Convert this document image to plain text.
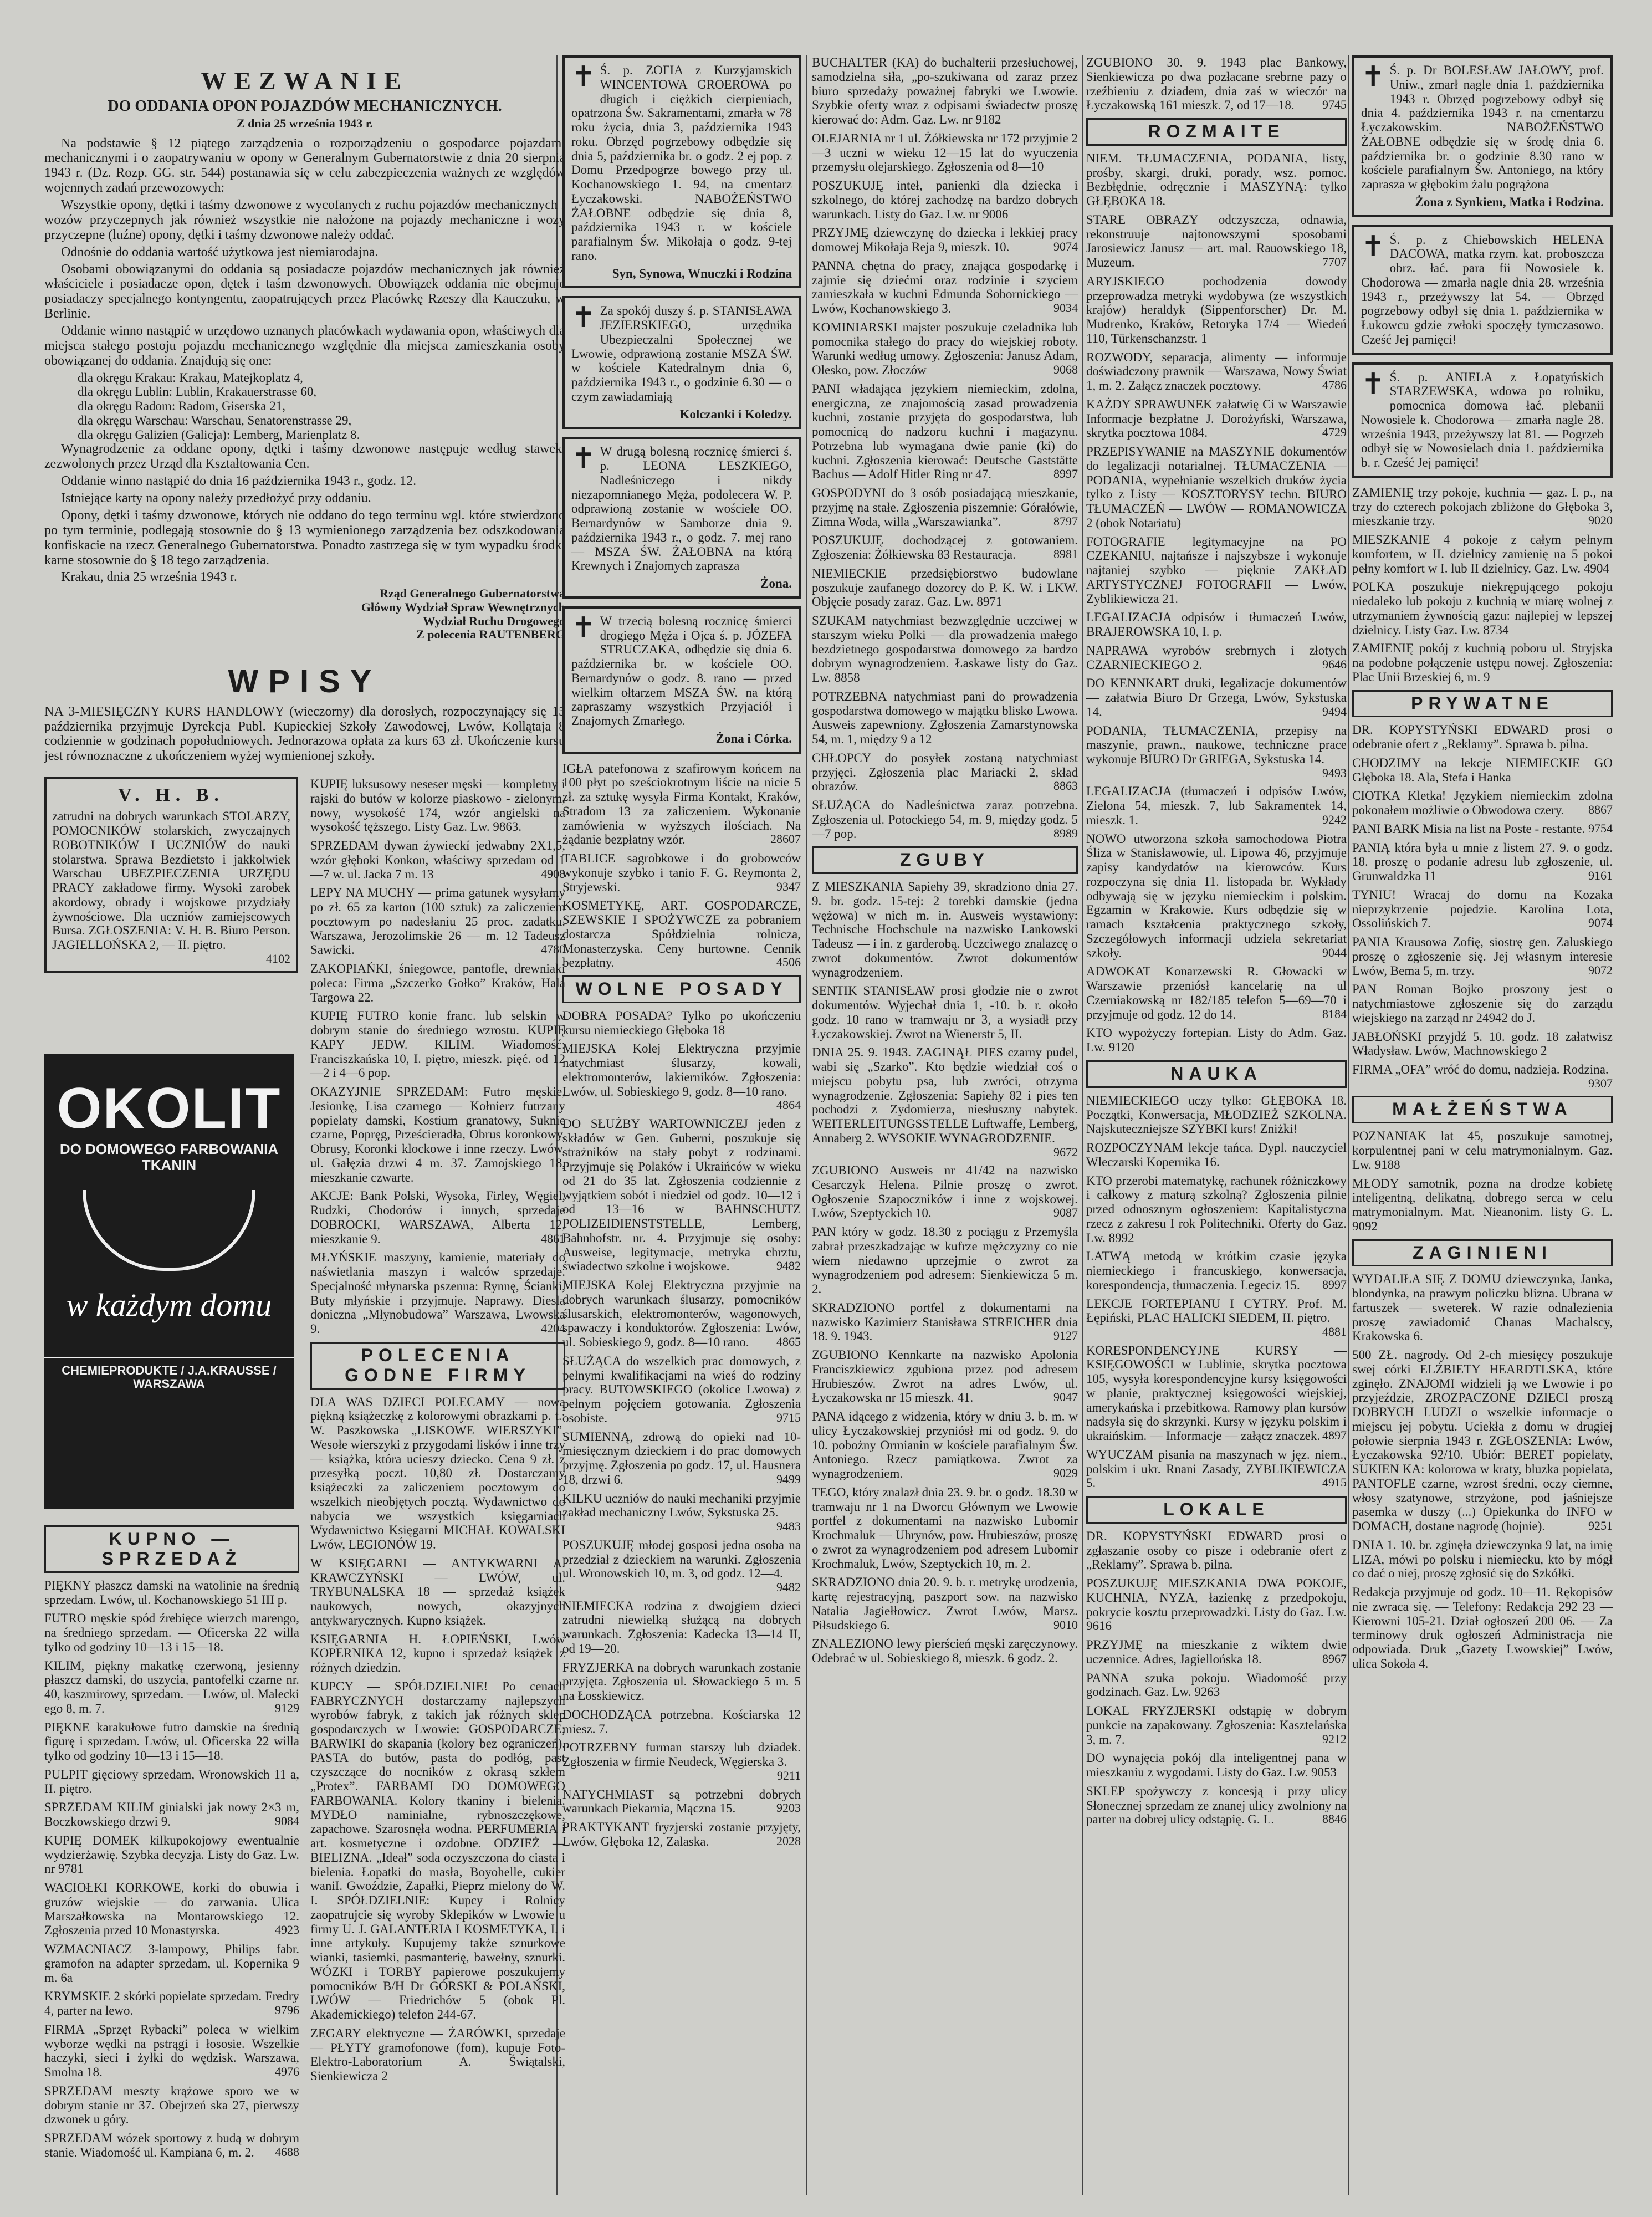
WEZWANIE

DO ODDANIA OPON POJAZDÓW MECHANICZNYCH.

Z dnia 25 września 1943 r.

Na podstawie § 12 piątego zarządzenia o rozporządzeniu o gospodarce pojazdami mechanicznymi i o zaopatrywaniu w opony w Generalnym Gubernatorstwie z dnia 20 sierpnia 1943 r. (Dz. Rozp. GG. str. 544) postanawia się w celu zabezpieczenia ważnych ze względów wojennych zadań przewozowych:

Wszystkie opony, dętki i taśmy dzwonowe z wycofanych z ruchu pojazdów mechanicznych i wozów przyczepnych jak również wszystkie nie nałożone na pojazdy mechaniczne i wozy przyczepne (luźne) opony, dętki i taśmy dzwonowe należy oddać.

Odnośnie do oddania wartość użytkowa jest niemiarodajna.

Osobami obowiązanymi do oddania są posiadacze pojazdów mechanicznych jak również właściciele i posiadacze opon, dętek i taśm dzwonowych. Obowiązek oddania nie obejmuje posiadaczy specjalnego kontyngentu, zaopatrujących przez Placówkę Rzeszy dla Kauczuku, w Berlinie.

Oddanie winno nastąpić w urzędowo uznanych placówkach wydawania opon, właściwych dla miejsca stałego postoju pojazdu mechanicznego względnie dla miejsca zamieszkania osoby obowiązanej do oddania. Znajdują się one:

dla okręgu Krakau: Krakau, Matejkoplatz 4,

dla okręgu Lublin: Lublin, Krakauerstrasse 60,

dla okręgu Radom: Radom, Giserska 21,

dla okręgu Warschau: Warschau, Senatorenstrasse 29,

dla okręgu Galizien (Galicja): Lemberg, Marienplatz 8.

Wynagrodzenie za oddane opony, dętki i taśmy dzwonowe następuje według stawek, zezwolonych przez Urząd dla Kształtowania Cen.

Oddanie winno nastąpić do dnia 16 października 1943 r., godz. 12.

Istniejące karty na opony należy przedłożyć przy oddaniu.

Opony, dętki i taśmy dzwonowe, których nie oddano do tego terminu wgl. które stwierdzono po tym terminie, podlegają stosownie do § 13 wymienionego zarządzenia bez odszkodowania konfiskacie na rzecz Generalnego Gubernatorstwa. Ponadto zastrzega się w tym wypadku środki karne stosownie do § 18 tego zarządzenia.

Krakau, dnia 25 września 1943 r.

Rząd Generalnego Gubernatorstwa

Główny Wydział Spraw Wewnętrznych

Wydział Ruchu Drogowego

Z polecenia RAUTENBERG

WPISY

NA 3-MIESIĘCZNY KURS HANDLOWY (wieczorny) dla dorosłych, rozpoczynający się 15 października przyjmuje Dyrekcja Publ. Kupieckiej Szkoły Zawodowej, Lwów, Kollątaja 8 codziennie w godzinach popołudniowych. Jednorazowa opłata za kurs 63 zł. Ukończenie kursu jest równoznaczne z ukończeniem wyżej wymienionej szkoły.

V. H. B.
zatrudni na dobrych warunkach STOLARZY, POMOCNIKÓW stolarskich, zwyczajnych ROBOTNIKÓW I UCZNIÓW do nauki stolarstwa. Sprawa Bezdietsto i jakkolwiek Warschau UBEZPIECZENIA URZĘDU PRACY zakładowe firmy. Wysoki zarobek akordowy, obrady i wojskowe przydziały żywnościowe. Dla uczniów zamiejscowych Bursa. ZGŁOSZENIA: V. H. B. Biuro Person. JAGIELLOŃSKA 2, — II. piętro.
4102
OKOLIT
DO DOMOWEGO FARBOWANIA TKANIN
w każdym domu
CHEMIEPRODUKTE / J.A.KRAUSSE / WARSZAWA
KUPNO — SPRZEDAŻ
PIĘKNY płaszcz damski na watolinie na średnią sprzedam. Lwów, ul. Kochanowskiego 51 III p.
FUTRO męskie spód źrebięce wierzch marengo, na średniego sprzedam. — Oficerska 22 willa tylko od godziny 10—13 i 15—18.
KILIM, piękny makatkę czerwoną, jesienny płaszcz damski, do uszycia, pantofelki czarne nr. 40, kaszmirowy, sprzedam. — Lwów, ul. Malecki ego 8, m. 7.	9129
PIĘKNE karakułowe futro damskie na średnią figurę i sprzedam. Lwów, ul. Oficerska 22 willa tylko od godziny 10—13 i 15—18.
PULPIT gięciowy sprzedam, Wronowskich 11 a, II. piętro.
SPRZEDAM KILIM ginialski jak nowy 2×3 m, Boczkowskiego drzwi 9.	9084
KUPIĘ DOMEK kilkupokojowy ewentualnie wydzierżawię. Szybka decyzja. Listy do Gaz. Lw. nr 9781
WACIOŁKI KORKOWE, korki do obuwia i gruzów wiejskie — do zarwania. Ulica Marszałkowska na Montarowskiego 12. Zgłoszenia przed 10 Monastyrska.	4923
WZMACNIACZ 3-lampowy, Philips fabr. gramofon na adapter sprzedam, ul. Kopernika 9 m. 6a
KRYMSKIE 2 skórki popielate sprzedam. Fredry 4, parter na lewo.	9796
FIRMA „Sprzęt Rybacki” poleca w wielkim wyborze wędki na pstrągi i łososie. Wszelkie haczyki, sieci i żyłki do wędzisk. Warszawa, Smolna 18.	4976
SPRZEDAM meszty krążowe sporo we w dobrym stanie nr 37. Obejrzeń ska 27, pierwszy dzwonek u góry.
SPRZEDAM wózek sportowy z budą w dobrym stanie. Wiadomość ul. Kampiana 6, m. 2. 4688
KUPIĘ luksusowy neseser męski — kompletny i rajski do butów w kolorze piaskowo - zielonym, nowy, wysokość 174, wzór angielski na wysokość tęższego. Listy Gaz. Lw. 9863.
SPRZEDAM dywan źywieckí jedwabny 2X1,5, wzór głęboki Konkon, właściwy sprzedam od 1—7 w. ul. Jacka 7 m. 13	4908
LEPY NA MUCHY — prima gatunek wysyłamy po zł. 65 za karton (100 sztuk) za zaliczeniem pocztowym po nadesłaniu 25 proc. zadatku. Warszawa, Jerozolimskie 26 — m. 12 Tadeusz Sawicki.	4780
ZAKOPIAŃKI, śniegowce, pantofle, drewniaki poleca: Firma „Szczerko Gołko” Kraków, Hala Targowa 22.
KUPIĘ FUTRO konie franc. lub selskin w dobrym stanie do średniego wzrostu. KUPIĘ KAPY JEDW. KILIM. Wiadomość: Franciszkańska 10, I. piętro, mieszk. pięć. od 12—2 i 4—6 pop.
OKAZYJNIE SPRZEDAM: Futro męskie, Jesionkę, Lisa czarnego — Kołnierz futrzany popielaty damski, Kostium granatowy, Suknie czarne, Popręg, Prześcieradła, Obrus koronkowy, Obrusy, Koronki klockowe i inne rzeczy. Lwów, ul. Gałęzia drzwi 4 m. 37. Zamojskiego 18, mieszkanie czwarte.
AKCJE: Bank Polski, Wysoka, Firley, Węgiel, Rudzki, Chodorów i innych, sprzedaje DOBROCKI, WARSZAWA, Alberta 12, mieszkanie 9.	4861
MŁYŃSKIE maszyny, kamienie, materiały do naświetlania maszyn i walców sprzedaje. Specjalność młynarska pszenna: Rynnę, Ścianki, Buty młyńskie i przyjmuje. Naprawy. Diesla doniczna „Młynobudowa” Warszawa, Lwowska 9.	4204
POLECENIA GODNE FIRMY
DLA WAS DZIECI POLECAMY — nową piękną książeczkę z kolorowymi obrazkami p. t.: W. Paszkowska „LISKOWE WIERSZYKI”. Wesołe wierszyki z przygodami lisków i inne trzy — książka, która ucieszy dziecko. Cena 9 zł. z przesyłką poczt. 10,80 zł. Dostarczamy książeczki za zaliczeniem pocztowym do wszelkich nieobjętych pocztą. Wydawnictwo do nabycia we wszystkich księgarniach Wydawnictwo Księgarni MICHAŁ KOWALSKI Lwów, LEGIONÓW 19.
W KSIĘGARNI — ANTYKWARNI A. KRAWCZYŃSKI — LWÓW, ul. TRYBUNALSKA 18 — sprzedaż książek naukowych, nowych, okazyjnych antykwarycznych. Kupno książek.
KSIĘGARNIA H. ŁOPIEŃSKI, Lwów KOPERNIKA 12, kupno i sprzedaż książek z różnych dziedzin.
KUPCY — SPÓŁDZIELNIE! Po cenach FABRYCZNYCH dostarczamy najlepszych wyrobów fabryk, z takich jak różnych sklep gospodarczych w Lwowie: GOSPODARCZE; BARWIKI do skapania (kolory bez ograniczeń). PASTA do butów, pasta do podłóg, past czyszczące do nocników z okrasą szkłem „Protex”. FARBAMI DO DOMOWEGO FARBOWANIA. Kolory tkaniny i bielenia. MYDŁO naminialne, rybnoszczękowe, zapachowe. Szarosnęła wodna. PERFUMERIA i art. kosmetyczne i ozdobne. ODZIEŻ — BIELIZNA. „Ideał” soda oczyszczona do ciasta i bielenia. Łopatki do masła, Boyohelle, cukier waniI. Gwoździe, Zapałki, Pieprz mielony do W. I. SPÓŁDZIELNIE: Kupcy i Rolnicy zaopatrujcie się wyroby Sklepików w Lwowie u firmy U. J. GALANTERIA I KOSMETYKA, I. i inne artykuły. Kupujemy także sznurkowe wianki, tasiemki, pasmanterię, bawełny, sznurki. WÓZKI i TORBY papierowe poszukujemy pomocników B/H Dr GÓRSKI & POLAŃSKI, LWÓW — Friedrichów 5 (obok Pl. Akademickiego) telefon 244-67.
ZEGARY elektryczne — ŻARÓWKI, sprzedaje — PŁYTY gramofonowe (fom), kupuje Foto-Elektro-Laboratorium A. Świątalski, Sienkiewicza 2
✝ Ś. p. ZOFIA z Kurzyjamskich WINCENTOWA GROEROWA po długich i ciężkich cierpieniach, opatrzona Św. Sakramentami, zmarła w 78 roku życia, dnia 3, października 1943 roku. Obrzęd pogrzebowy odbędzie się dnia 5, października br. o godz. 2 ej pop. z Domu Przedpogrze bowego przy ul. Kochanowskiego 1. 94, na cmentarz Łyczakowski. NABOŻEŃSTWO ŻAŁOBNE odbędzie się dnia 8, października 1943 r. w kościele parafialnym Św. Mikołaja o godz. 9-tej rano.
Syn, Synowa, Wnuczki i Rodzina
✝ Za spokój duszy ś. p. STANISŁAWA JEZIERSKIEGO, urzędnika Ubezpieczalni Społecznej we Lwowie, odprawioną zostanie MSZA ŚW. w kościele Katedralnym dnia 6, października 1943 r., o godzinie 6.30 — o czym zawiadamiają
Kolczanki i Koledzy.
✝ W drugą bolesną rocznicę śmierci ś. p. LEONA LESZKIEGO, Nadleśniczego i nikdy niezapomnianego Męża, podolecera W. P. odprawioną zostanie w wościele OO. Bernardynów w Samborze dnia 9. października 1943 r., o godz. 7. mej rano — MSZA ŚW. ŻAŁOBNA na którą Krewnych i Znajomych zaprasza
Żona.
✝ W trzecią bolesną rocznicę śmierci drogiego Męża i Ojca ś. p. JÓZEFA STRUCZAKA, odbędzie się dnia 6. października br. w kościele OO. Bernardynów o godz. 8. rano — przed wielkim ołtarzem MSZA ŚW. na którą zapraszamy wszystkich Przyjaciół i Znajomych Zmarłego.
Żona i Córka.
IGŁA patefonowa z szafirowym końcem na 100 płyt po sześciokrotnym liście na nicie 5 zł. za sztukę wysyła Firma Kontakt, Kraków, Stradom 13 za zaliczeniem. Wykonanie zamówienia w wyższych ilościach. Na żądanie bezpłatny wzór.	28607
TABLICE sagrobkowe i do grobowców wykonuje szybko i tanio F. G. Reymonta 2, Stryjewski.	9347
KOSMETYKĘ, ART. GOSPODARCZE, SZEWSKIE I SPOŻYWCZE za pobraniem dostarcza Spółdzielnia rolnicza, Monasterzyska. Ceny hurtowne. Cennik bezpłatny.	4506
WOLNE POSADY
DOBRA POSADA? Tylko po ukończeniu kursu niemieckiego Głęboka 18
MIEJSKA Kolej Elektryczna przyjmie natychmiast ślusarzy, kowali, elektromonterów, lakierników. Zgłoszenia: Lwów, ul. Sobieskiego 9, godz. 8—10 rano.
4864
DO SŁUŻBY WARTOWNICZEJ jeden z składów w Gen. Guberni, poszukuje się strażników na stały pobyt z rodzinami. Przyjmuje się Polaków i Ukraińców w wieku od 21 do 35 lat. Zgłoszenia codziennie z wyjątkiem sobót i niedziel od godz. 10—12 i od 13—16 w BAHNSCHUTZ POLIZEIDIENSTSTELLE, Lemberg, Bahnhofstr. nr. 4. Przyjmuje się osoby: Ausweise, legitymacje, metryka chrztu, świadectwo szkolne i wojskowe.	9482
MIEJSKA Kolej Elektryczna przyjmie na dobrych warunkach ślusarzy, pomocników ślusarskich, elektromonterów, wagonowych, spawaczy i konduktorów. Zgłoszenia: Lwów, ul. Sobieskiego 9, godz. 8—10 rano. 4865
SŁUŻĄCA do wszelkich prac domowych, z pełnymi kwalifikacjami na wieś do rodziny pracy. BUTOWSKIEGO (okolice Lwowa) z pełnym pojęciem gotowania. Zgłoszenia osobiste.	9715
SUMIENNĄ, zdrową do opieki nad 10-miesięcznym dzieckiem i do prac domowych przyjmę. Zgłoszenia po godz. 17, ul. Hausnera 18, drzwi 6.	9499
KILKU uczniów do nauki mechaniki przyjmie zakład mechaniczny Lwów, Sykstuska 25.
9483
POSZUKUJĘ młodej gosposi jedna osoba na przedział z dzieckiem na warunki. Zgłoszenia ul. Wronowskich 10, m. 3, od godz. 12—4.
9482
NIEMIECKA rodzina z dwojgiem dzieci zatrudni niewielką służącą na dobrych warunkach. Zgłoszenia: Kadecka 13—14 II, od 19—20.
FRYZJERKA na dobrych warunkach zostanie przyjęta. Zgłoszenia ul. Słowackiego 5 m. 5 na Łosskiewicz.
DOCHODZĄCA potrzebna. Kościarska 12 miesz. 7.
POTRZEBNY furman starszy lub dziadek. Zgłoszenia w firmie Neudeck, Węgierska 3.
9211
NATYCHMIAST są potrzebni dobrych warunkach Piekarnia, Mączna 15.	9203
PRAKTYKANT fryzjerski zostanie przyjęty, Lwów, Głęboka 12, Zalaska.	2028
BUCHALTER (KA) do buchalterii przesłuchowej, samodzielna siła, „po-szukiwana od zaraz przez biuro sprzedaży poważnej fabryki we Lwowie. Szybkie oferty wraz z odpisami świadectw proszę kierować do: Adm. Gaz. Lw. nr 9182
OLEJARNIA nr 1 ul. Żółkiewska nr 172 przyjmie 2—3 uczni w wieku 12—15 lat do wyuczenia przemysłu olejarskiego. Zgłoszenia od 8—10
POSZUKUJĘ inteł, panienki dla dziecka i szkolnego, do której zachodzę na bardzo dobrych warunkach. Listy do Gaz. Lw. nr 9006
PRZYJMĘ dziewczynę do dziecka i lekkiej pracy domowej Mikołaja Reja 9, mieszk. 10.	9074
PANNA chętna do pracy, znająca gospodarkę i zajmie się dziećmi oraz rodzinie i szyciem zamieszkała w kuchni Edmunda Sobornickiego — Lwów, Kochanowskiego 3.	9034
KOMINIARSKI majster poszukuje czeladnika lub pomocnika stałego do pracy do wiejskiej roboty. Warunki według umowy. Zgłoszenia: Janusz Adam, Olesko, pow. Złoczów	9068
PANI władająca językiem niemieckim, zdolna, energiczna, ze znajomością zasad prowadzenia kuchni, zostanie przyjęta do gospodarstwa, lub pomocnicą do nadzoru kuchni i magazynu. Potrzebna lub wymagana dwie panie (ki) do kuchni. Zgłoszenia kierować: Deutsche Gaststätte Bachus — Adolf Hitler Ring nr 47.	8997
GOSPODYNI do 3 osób posiadającą mieszkanie, przyjmę na stałe. Zgłoszenia piszemnie: Górałówie, Zimna Woda, willa „Warszawianka”.	8797
POSZUKUJĘ dochodzącej z gotowaniem. Zgłoszenia: Żółkiewska 83 Restauracja.	8981
NIEMIECKIE przedsiębiorstwo budowlane poszukuje zaufanego dozorcy do P. K. W. i LKW. Objęcie posady zaraz. Gaz. Lw. 8971
SZUKAM natychmiast bezwzględnie uczciwej w starszym wieku Polki — dla prowadzenia małego bezdzietnego gospodarstwa domowego za bardzo dobrym wynagrodzeniem. Łaskawe listy do Gaz. Lw. 8858
POTRZEBNA natychmiast pani do prowadzenia gospodarstwa domowego w majątku blisko Lwowa. Ausweis zapewniony. Zgłoszenia Zamarstynowska 54, m. 1, między 9 a 12
CHŁOPCY do posyłek zostaną natychmiast przyjęci. Zgłoszenia plac Mariacki 2, skład obrazów.	8863
SŁUŻĄCA do Nadleśnictwa zaraz potrzebna. Zgłoszenia ul. Potockiego 54, m. 9, między godz. 5—7 pop.	8989
ZGUBY
Z MIESZKANIA Sapiehy 39, skradziono dnia 27. 9. br. godz. 15-tej: 2 torebki damskie (jedna wężowa) w nich m. in. Ausweis wystawiony: Technische Hochschule na nazwisko Lankowski Tadeusz — i in. z garderobą. Uczciwego znalazcę o zwrot dokumentów. Zwrot dokumentów wynagrodzeniem.
SENTIK STANISŁAW prosi głodzie nie o zwrot dokumentów. Wyjechał dnia 1, -10. b. r. około godz. 10 rano w tramwaju nr 3, a wysiadł przy Łyczakowskiej. Zwrot na Wienerstr 5, II.
DNIA 25. 9. 1943. ZAGINĄŁ PIES czarny pudel, wabi się „Szarko”. Kto będzie wiedział coś o miejscu pobytu psa, lub zwróci, otrzyma wynagrodzenie. Zgłoszenia: Sapiehy 82 i pies ten pochodzi z Zydomierza, niesłuszny nabytek. WEITERLEITUNGSSTELLE Luftwaffe, Lemberg, Annaberg 2. WYSOKIE WYNAGRODZENIE.
9672
ZGUBIONO Ausweis nr 41/42 na nazwisko Cesarczyk Helena. Pilnie proszę o zwrot. Ogłoszenie Szapoczników i inne z wojskowej. Lwów, Szeptyckich 10.	9087
PAN który w godz. 18.30 z pociągu z Przemyśla zabrał przeszkadzając w kufrze mężczyzny co nie wiem niedawno uprzejmie o zwrot za wynagrodzeniem pod adresem: Sienkiewicza 5 m. 2.
SKRADZIONO portfel z dokumentami na nazwisko Kazimierz Stanisława STREICHER dnia 18. 9. 1943.	9127
ZGUBIONO Kennkarte na nazwisko Apolonia Franciszkiewicz zgubiona przez pod adresem Hrubieszów. Zwrot na adres Lwów, ul. Łyczakowska nr 15 mieszk. 41.	9047
PANA idącego z widzenia, który w dniu 3. b. m. w ulicy Łyczakowskiej przyniósł mi od godz. 9. do 10. pobożny Ormianin w kościele parafialnym Św. Antoniego. Rzecz pamiątkowa. Zwrot za wynagrodzeniem.	9029
TEGO, który znalazł dnia 23. 9. br. o godz. 18.30 w tramwaju nr 1 na Dworcu Głównym we Lwowie portfel z dokumentami na nazwisko Lubomir Krochmaluk — Uhrynów, pow. Hrubieszów, proszę o zwrot za wynagrodzeniem pod adresem Lubomir Krochmaluk, Lwów, Szeptyckich 10, m. 2.
SKRADZIONO dnia 20. 9. b. r. metrykę urodzenia, kartę rejestracyjną, paszport sow. na nazwisko Natalia Jagiełłowicz. Zwrot Lwów, Marsz. Piłsudskiego 6.	9010
ZNALEZIONO lewy pierścień męski zaręczynowy. Odebrać w ul. Sobieskiego 8, mieszk. 6 godz. 2.
ZGUBIONO 30. 9. 1943 plac Bankowy, Sienkiewicza po dwa pozłacane srebrne pazy o rzeźbieniu z dziadem, dnia zaś w wieczór na Łyczakowską 161 mieszk. 7, od 17—18. 9745
ROZMAITE
NIEM. TŁUMACZENIA, PODANIA, listy, prośby, skargi, druki, porady, wsz. pomoc. Bezbłędnie, odręcznie i MASZYNĄ: tylko GŁĘBOKA 18.
STARE OBRAZY odczyszcza, odnawia, rekonstruuje najtonowszymi sposobami Jarosiewicz Janusz — art. mal. Rauowskiego 18, Muzeum.	7707
ARYJSKIEGO pochodzenia dowody przeprowadza metryki wydobywa (ze wszystkich krajów) heraldyk (Sippenforscher) Dr. M. Mudrenko, Kraków, Retoryka 17/4 — Wiedeń 110, Türkenschanzstr. 1
ROZWODY, separacja, alimenty — informuje doświadczony prawnik — Warszawa, Nowy Świat 1, m. 2. Załącz znaczek pocztowy.	4786
KAŻDY SPRAWUNEK załatwię Ci w Warszawie Informacje bezpłatne J. Dorożyński, Warszawa, skrytka pocztowa 1084.	4729
PRZEPISYWANIE na MASZYNIE dokumentów do legalizacji notarialnej. TŁUMACZENIA — PODANIA, wypełnianie wszelkich druków życia tylko z Listy — KOSZTORYSY techn. BIURO TŁUMACZEŃ — LWÓW — ROMANOWICZA 2 (obok Notariatu)
FOTOGRAFIE legitymacyjne na PO CZEKANIU, najtańsze i najszybsze i wykonuje najtaniej szybko — pięknie ZAKŁAD ARTYSTYCZNEJ FOTOGRAFII — Lwów, Zyblikiewicza 21.
LEGALIZACJA odpisów i tłumaczeń Lwów, BRAJEROWSKA 10, I. p.
NAPRAWA wyrobów srebrnych i złotych CZARNIECKIEGO 2.	9646
DO KENNKART druki, legalizacje dokumentów — załatwia Biuro Dr Grzega, Lwów, Sykstuska 14.	9494
PODANIA, TŁUMACZENIA, przepisy na maszynie, prawn., naukowe, techniczne prace wykonuje BIURO Dr GRIEGA, Sykstuska 14.
9493
LEGALIZACJA (tłumaczeń i odpisów Lwów, Zielona 54, mieszk. 7, lub Sakramentek 14, mieszk. 1.	9242
NOWO utworzona szkoła samochodowa Piotra Śliza w Stanisławowie, ul. Lipowa 46, przyjmuje zapisy kandydatów na kierowców. Kurs rozpoczyna się dnia 11. listopada br. Wykłady odbywają się w języku niemieckim i polskim. Egzamin w Krakowie. Kurs odbędzie się w ramach kształcenia praktycznego szkoły, Szczegółowych informacji udziela sekretariat szkoły.	9044
ADWOKAT Konarzewski R. Głowacki w Warszawie przeniósł kancelarię na ul Czerniakowską nr 182/185 telefon 5—69—70 i przyjmuje od godz. 12 do 14.	8184
KTO wypożyczy fortepian. Listy do Adm. Gaz. Lw. 9120
NAUKA
NIEMIECKIEGO uczy tylko: GŁĘBOKA 18. Początki, Konwersacja, MŁODZIEŻ SZKOLNA. Najskuteczniejsze SZYBKI kurs! Zniżki!
ROZPOCZYNAM lekcje tańca. Dypl. nauczyciel Wleczarski Kopernika 16.
KTO przerobi matematykę, rachunek różniczkowy i całkowy z maturą szkolną? Zgłoszenia pilnie przed odnosznym ogłoszeniem: Kapitalistyczna rzecz z zakresu I rok Politechniki. Oferty do Gaz. Lw. 8992
LATWĄ metodą w krótkim czasie języka niemieckiego i francuskiego, konwersacja, korespondencja, tłumaczenia. Legeciz 15. 8997
LEKCJE FORTEPIANU I CYTRY. Prof. M. Łępiński, PLAC HALICKI SIEDEM, II. piętro.
4881
KORESPONDENCYJNE KURSY — KSIĘGOWOŚCI w Lublinie, skrytka pocztowa 105, wysyła korespondencyjne kursy księgowości w planie, praktycznej księgowości wiejskiej, amerykańska i przebitkowa. Ramowy plan kursów nadsyła się do skrzynki. Kursy w języku polskim i ukraińskim. — Informacje — załącz znaczek. 4897
WYUCZAM pisania na maszynach w jęz. niem., polskim i ukr. Rnani Zasady, ZYBLIKIEWICZA 5.	4915
LOKALE
DR. KOPYSTYŃSKI EDWARD prosi o zgłaszanie osoby co pisze i odebranie ofert z „Reklamy”. Sprawa b. pilna.
POSZUKUJĘ MIESZKANIA DWA POKOJE, KUCHNIA, NYZA, łazienkę z przedpokoju, pokrycie kosztu przeprowadzki. Listy do Gaz. Lw. 9616
PRZYJMĘ na mieszkanie z wiktem dwie uczennice. Adres, Jagiellońska 18.	8967
PANNA szuka pokoju. Wiadomość przy godzinach. Gaz. Lw. 9263
LOKAL FRYZJERSKI odstąpię w dobrym punkcie na zapakowany. Zgłoszenia: Kasztelańska 3, m. 7.	9212
DO wynajęcia pokój dla inteligentnej pana w mieszkaniu z wygodami. Listy do Gaz. Lw. 9053
SKLEP spożywczy z koncesją i przy ulicy Słonecznej sprzedam ze znanej ulicy zwolniony na parter na dobrej ulicy odstąpię. G. L.	8846
✝ Ś. p. Dr BOLESŁAW JAŁOWY, prof. Uniw., zmarł nagle dnia 1. października 1943 r. Obrzęd pogrzebowy odbył się dnia 4. października 1943 r. na cmentarzu Łyczakowskim. NABOŻEŃSTWO ŻAŁOBNE odbędzie się w środę dnia 6. października br. o godzinie 8.30 rano w kościele parafialnym Św. Antoniego, na który zaprasza w głębokim żalu pogrążona
Żona z Synkiem, Matka i Rodzina.
✝ Ś. p. z Chiebowskich HELENA DACOWA, matka rzym. kat. proboszcza obrz. łać. para fii Nowosiele k. Chodorowa — zmarła nagle dnia 28. września 1943 r., przeżywszy lat 54. — Obrzęd pogrzebowy odbył się dnia 1. października w Łukowcu gdzie zwłoki spoczęły tymczasowo. Cześć Jej pamięci!
✝ Ś. p. ANIELA z Łopatyńskich STARZEWSKA, wdowa po rolniku, pomocnica domowa łać. plebanii Nowosiele k. Chodorowa — zmarła nagle 28. września 1943, przeżywszy lat 81. — Pogrzeb odbył się w Nowosielach dnia 1. października b. r. Cześć Jej pamięci!
ZAMIENIĘ trzy pokoje, kuchnia — gaz. I. p., na trzy do czterech pokojach zbliżone do Głęboka 3, mieszkanie trzy.	9020
MIESZKANIE 4 pokoje z całym pełnym komfortem, w II. dzielnicy zamienię na 5 pokoi pełny komfort w I. lub II dzielnicy. Gaz. Lw. 4904
POLKA poszukuje niekrępującego pokoju niedaleko lub pokoju z kuchnią w miarę wolnej z utrzymaniem żywnością gazu: najlepiej w lepszej dzielnicy. Listy Gaz. Lw. 8734
ZAMIENIĘ pokój z kuchnią poboru ul. Stryjska na podobne połączenie ustępu nowej. Zgłoszenia: Plac Unii Brzeskiej 6, m. 9
PRYWATNE
DR. KOPYSTYŃSKI EDWARD prosi o odebranie ofert z „Reklamy”. Sprawa b. pilna.
CHODZIMY na lekcje NIEMIECKIE GO Głęboka 18. Ala, Stefa i Hanka
CIOTKA Kletka! Językiem niemieckim zdolna pokonałem możliwie o Obwodowa czery. 8867
PANI BARK Misia na list na Poste - restante. 9754
PANIĄ która była u mnie z listem 27. 9. o godz. 18. proszę o podanie adresu lub zgłoszenie, ul. Grunwaldzka 11	9161
TYNIU! Wracaj do domu na Kozaka nieprzykrzenie pojedzie. Karolina Lota, Ossolińskich 7.	9074
PANIA Krausowa Zofię, siostrę gen. Zaluskiego proszę o zgłoszenie się. Jej własnym interesie Lwów, Bema 5, m. trzy.	9072
PAN Roman Bojko proszony jest o natychmiastowe zgłoszenie się do zarządu wiejskiego na zarząd nr 24942 do J.
JABŁOŃSKI przyjdź 5. 10. godz. 18 załatwisz Władysław. Lwów, Machnowskiego 2
FIRMA „OFA” wróć do domu, nadzieja. Rodzina.
9307
MAŁŻEŃSTWA
POZNANIAK lat 45, poszukuje samotnej, korpulentnej pani w celu matrymonialnym. Gaz. Lw. 9188
MŁODY samotnik, pozna na drodze kobietę inteligentną, delikatną, dobrego serca w celu matrymonialnym. Mat. Nieanonim. listy G. L. 9092
ZAGINIENI
WYDALIŁA SIĘ Z DOMU dziewczynka, Janka, blondynka, na prawym policzku blizna. Ubrana w fartuszek — sweterek. W razie odnalezienia proszę zawiadomić Chanas Machalscy, Krakowska 6.
500 ZŁ. nagrody. Od 2-ch miesięcy poszukuje swej córki ELŻBIETY HEARDTLSKA, które zginęło. ZNAJOMI widzieli ją we Lwowie i po przyjeździe, ZROZPACZONE DZIECI proszą DOBRYCH LUDZI o wszelkie informacje o miejscu jej pobytu. Uciekła z domu w drugiej połowie sierpnia 1943 r. ZGŁOSZENIA: Lwów, Łyczakowska 92/10. Ubiór: BERET popielaty, SUKIEN KA: kolorowa w kraty, bluzka popielata, PANTOFLE czarne, wzrost średni, oczy ciemne, włosy szatynowe, strzyżone, pod jaśniejsze pasemka w duszy (...) Opiekunka do INFO w DOMACH, dostane nagrodę (hojnie).	9251
DNIA 1. 10. br. zginęła dziewczynka 9 lat, na imię LIZA, mówi po polsku i niemiecku, kto by mógł co dać o niej, proszę zgłosić się do Szkółki.
Redakcja przyjmuje od godz. 10—11. Rękopisów nie zwraca się. — Telefony: Redakcja 292 23 — Kierowni 105-21. Dział ogłoszeń 200 06. — Za terminowy druk ogłoszeń Administracja nie odpowiada. Druk „Gazety Lwowskiej” Lwów, ulica Sokoła 4.
